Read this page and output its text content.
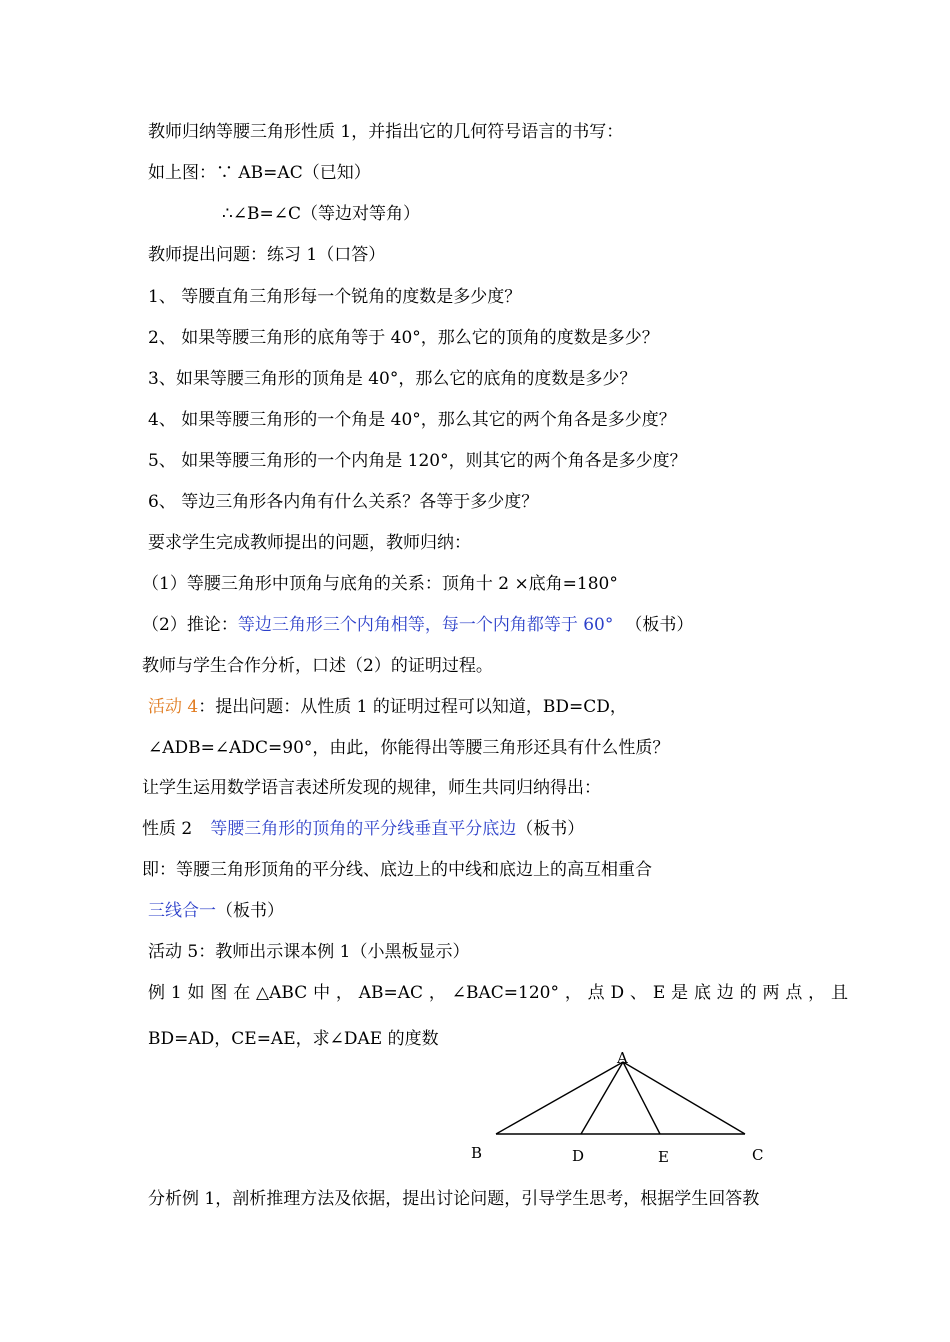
教师归纳等腰三角形性质 1，并指出它的几何符号语言的书写：
如上图：∵ AB=AC（已知）
∴∠B=∠C（等边对等角）
教师提出问题：练习 1（口答）
1、 等腰直角三角形每一个锐角的度数是多少度？
2、 如果等腰三角形的底角等于 40°，那么它的顶角的度数是多少？
3、如果等腰三角形的顶角是 40°，那么它的底角的度数是多少？
4、 如果等腰三角形的一个角是 40°，那么其它的两个角各是多少度？
5、 如果等腰三角形的一个内角是 120°，则其它的两个角各是多少度？
6、 等边三角形各内角有什么关系？各等于多少度？
要求学生完成教师提出的问题，教师归纳：
（1）等腰三角形中顶角与底角的关系：顶角十 2 ×底角=180°
（2）推论：等边三角形三个内角相等，每一个内角都等于 60° （板书）
教师与学生合作分析，口述（2）的证明过程。
活动 4：提出问题：从性质 1 的证明过程可以知道，BD=CD，
∠ADB=∠ADC=90°，由此，你能得出等腰三角形还具有什么性质？
让学生运用数学语言表述所发现的规律，师生共同归纳得出：
性质 2 等腰三角形的顶角的平分线垂直平分底边（板书）
即：等腰三角形顶角的平分线、底边上的中线和底边上的高互相重合
三线合一（板书）
活动 5：教师出示课本例 1（小黑板显示）
例 1 如 图 在 △ABC 中 ， AB=AC ， ∠BAC=120° ， 点 D 、 E 是 底 边 的 两 点 ， 且
BD=AD，CE=AE，求∠DAE 的度数
A
B	C
D	E
分析例 1，剖析推理方法及依据，提出讨论问题，引导学生思考，根据学生回答教
